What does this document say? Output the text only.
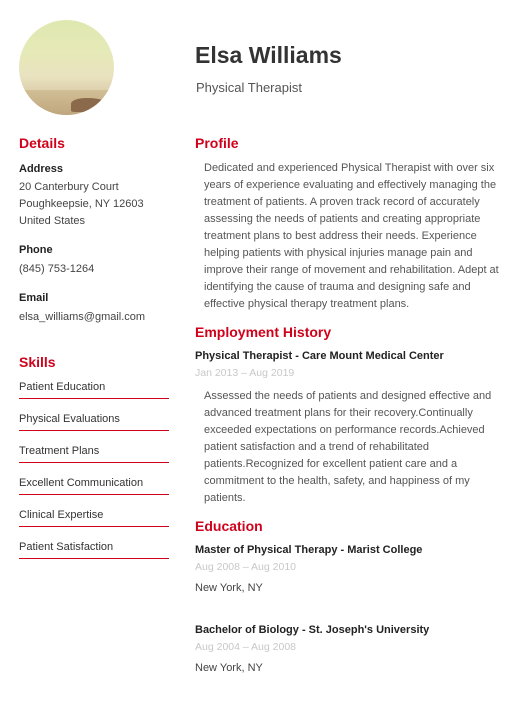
Elsa Williams
Physical Therapist
Details
Address
20 Canterbury Court
Poughkeepsie, NY 12603
United States
Phone
(845) 753-1264
Email
elsa_williams@gmail.com
Skills
Patient Education
Physical Evaluations
Treatment Plans
Excellent Communication
Clinical Expertise
Patient Satisfaction
Profile

Dedicated and experienced Physical Therapist with over six years of experience evaluating and effectively managing the treatment of patients. A proven track record of accurately assessing the needs of patients and creating appropriate treatment plans to best address their needs. Experience helping patients with physical injuries manage pain and improve their range of movement and rehabilitation. Adept at identifying the cause of trauma and designing safe and effective physical therapy treatment plans.

Employment History
Physical Therapist - Care Mount Medical Center
Jan 2013 – Aug 2019

Assessed the needs of patients and designed effective and advanced treatment plans for their recovery.Continually exceeded expectations on performance records.Achieved patient satisfaction and a trend of rehabilitated patients.Recognized for excellent patient care and a commitment to the health, safety, and happiness of my patients.

Education
Master of Physical Therapy - Marist College
Aug 2008 – Aug 2010
New York, NY
Bachelor of Biology - St. Joseph's University
Aug 2004 – Aug 2008
New York, NY
